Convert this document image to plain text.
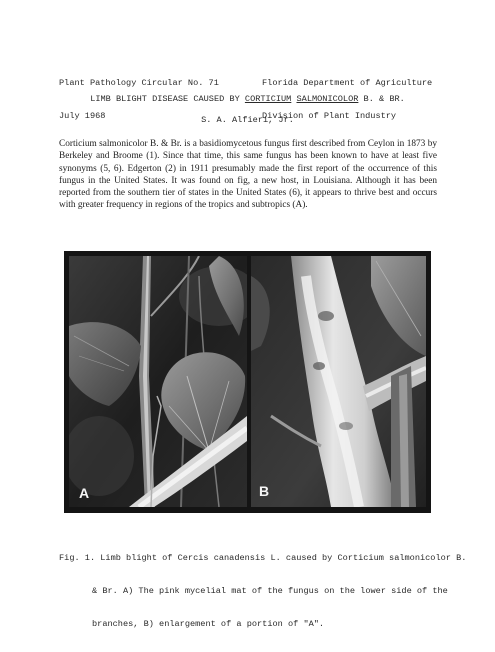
Plant Pathology Circular No. 71

July 1968

Florida Department of Agriculture

Division of Plant Industry

LIMB BLIGHT DISEASE CAUSED BY CORTICIUM SALMONICOLOR B. & BR.
S. A. Alfieri, Jr.
Corticium salmonicolor B. & Br. is a basidiomycetous fungus first described from Ceylon in 1873 by Berkeley and Broome (1). Since that time, this same fungus has been known to have at least five synonyms (5, 6). Edgerton (2) in 1911 presumably made the first report of the occurrence of this fungus in the United States. It was found on fig, a new host, in Louisiana. Although it has been reported from the southern tier of states in the United States (6), it appears to thrive best and occurs with greater frequency in regions of the tropics and subtropics (A).
A	B

Fig. 1. Limb blight of Cercis canadensis L. caused by Corticium salmonicolor B.

& Br. A) The pink mycelial mat of the fungus on the lower side of the

branches, B) enlargement of a portion of "A".
